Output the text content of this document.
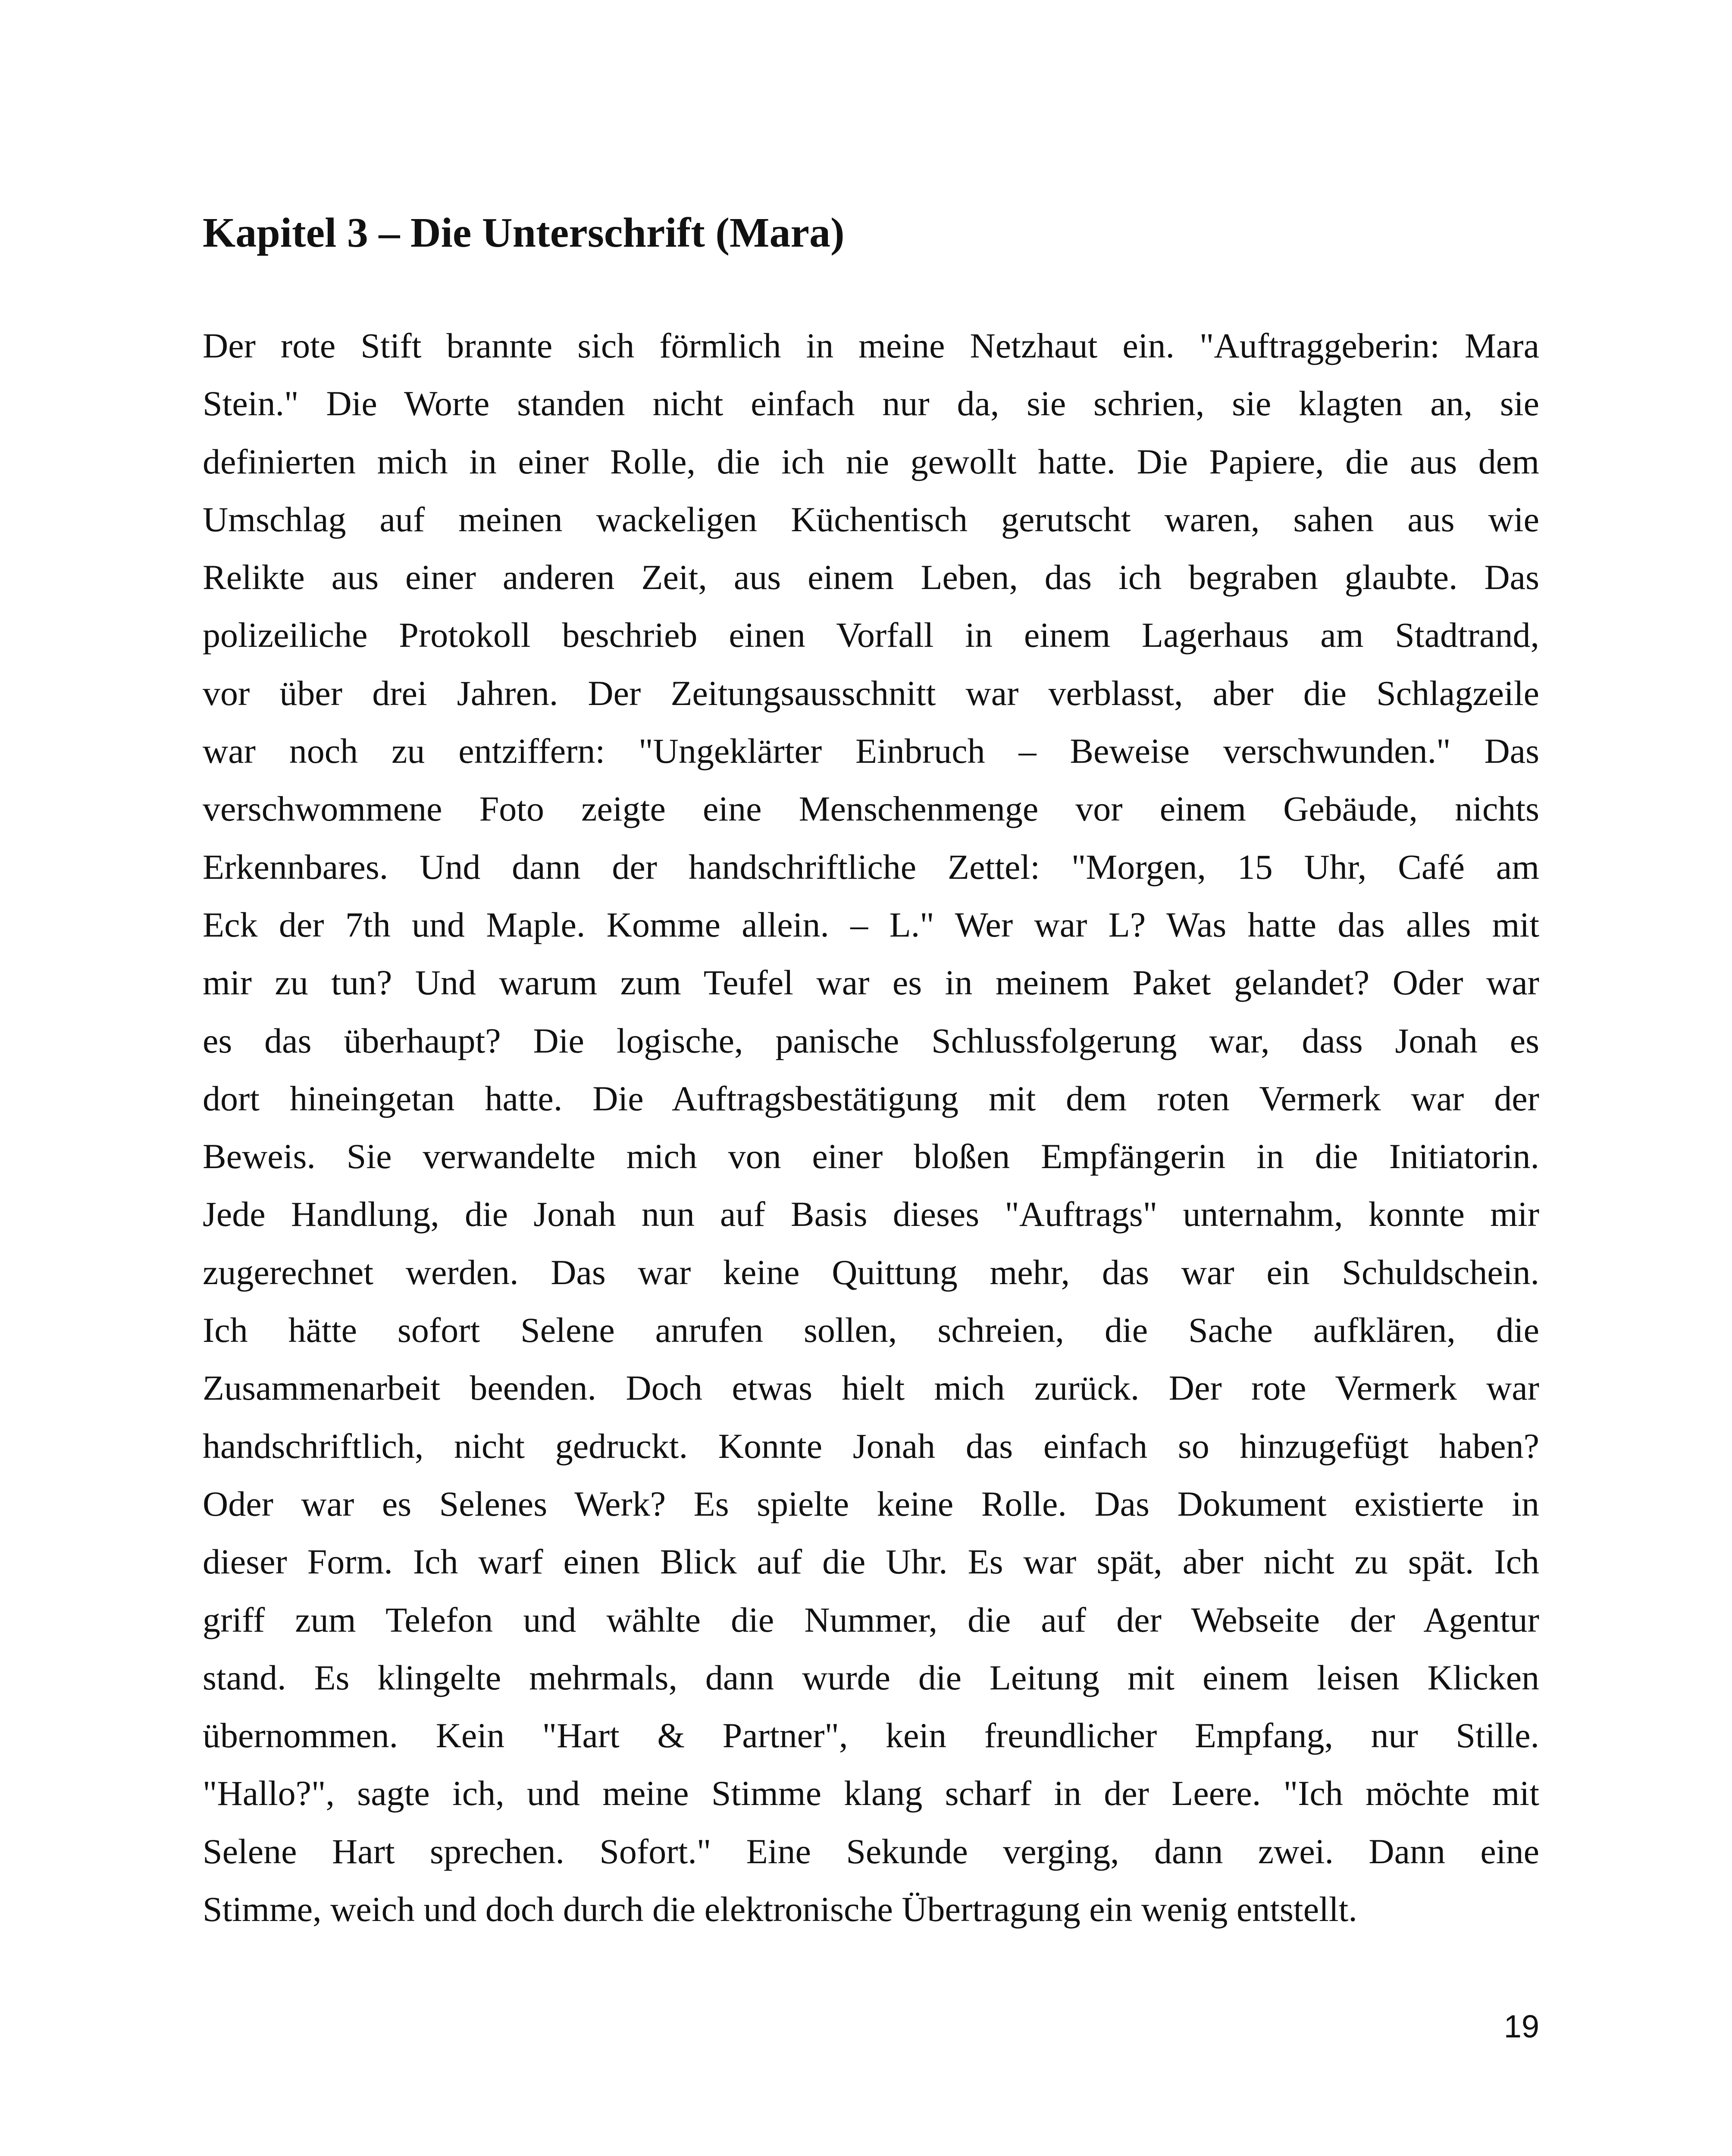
Kapitel 3 – Die Unterschrift (Mara)
Der rote Stift brannte sich förmlich in meine Netzhaut ein. "Auftraggeberin: Mara
Stein." Die Worte standen nicht einfach nur da, sie schrien, sie klagten an, sie
definierten mich in einer Rolle, die ich nie gewollt hatte. Die Papiere, die aus dem
Umschlag auf meinen wackeligen Küchentisch gerutscht waren, sahen aus wie
Relikte aus einer anderen Zeit, aus einem Leben, das ich begraben glaubte. Das
polizeiliche Protokoll beschrieb einen Vorfall in einem Lagerhaus am Stadtrand,
vor über drei Jahren. Der Zeitungsausschnitt war verblasst, aber die Schlagzeile
war noch zu entziffern: "Ungeklärter Einbruch – Beweise verschwunden." Das
verschwommene Foto zeigte eine Menschenmenge vor einem Gebäude, nichts
Erkennbares. Und dann der handschriftliche Zettel: "Morgen, 15 Uhr, Café am
Eck der 7th und Maple. Komme allein. – L." Wer war L? Was hatte das alles mit
mir zu tun? Und warum zum Teufel war es in meinem Paket gelandet? Oder war
es das überhaupt? Die logische, panische Schlussfolgerung war, dass Jonah es
dort hineingetan hatte. Die Auftragsbestätigung mit dem roten Vermerk war der
Beweis. Sie verwandelte mich von einer bloßen Empfängerin in die Initiatorin.
Jede Handlung, die Jonah nun auf Basis dieses "Auftrags" unternahm, konnte mir
zugerechnet werden. Das war keine Quittung mehr, das war ein Schuldschein.
Ich hätte sofort Selene anrufen sollen, schreien, die Sache aufklären, die
Zusammenarbeit beenden. Doch etwas hielt mich zurück. Der rote Vermerk war
handschriftlich, nicht gedruckt. Konnte Jonah das einfach so hinzugefügt haben?
Oder war es Selenes Werk? Es spielte keine Rolle. Das Dokument existierte in
dieser Form. Ich warf einen Blick auf die Uhr. Es war spät, aber nicht zu spät. Ich
griff zum Telefon und wählte die Nummer, die auf der Webseite der Agentur
stand. Es klingelte mehrmals, dann wurde die Leitung mit einem leisen Klicken
übernommen. Kein "Hart & Partner", kein freundlicher Empfang, nur Stille.
"Hallo?", sagte ich, und meine Stimme klang scharf in der Leere. "Ich möchte mit
Selene Hart sprechen. Sofort." Eine Sekunde verging, dann zwei. Dann eine
Stimme, weich und doch durch die elektronische Übertragung ein wenig entstellt.
19
